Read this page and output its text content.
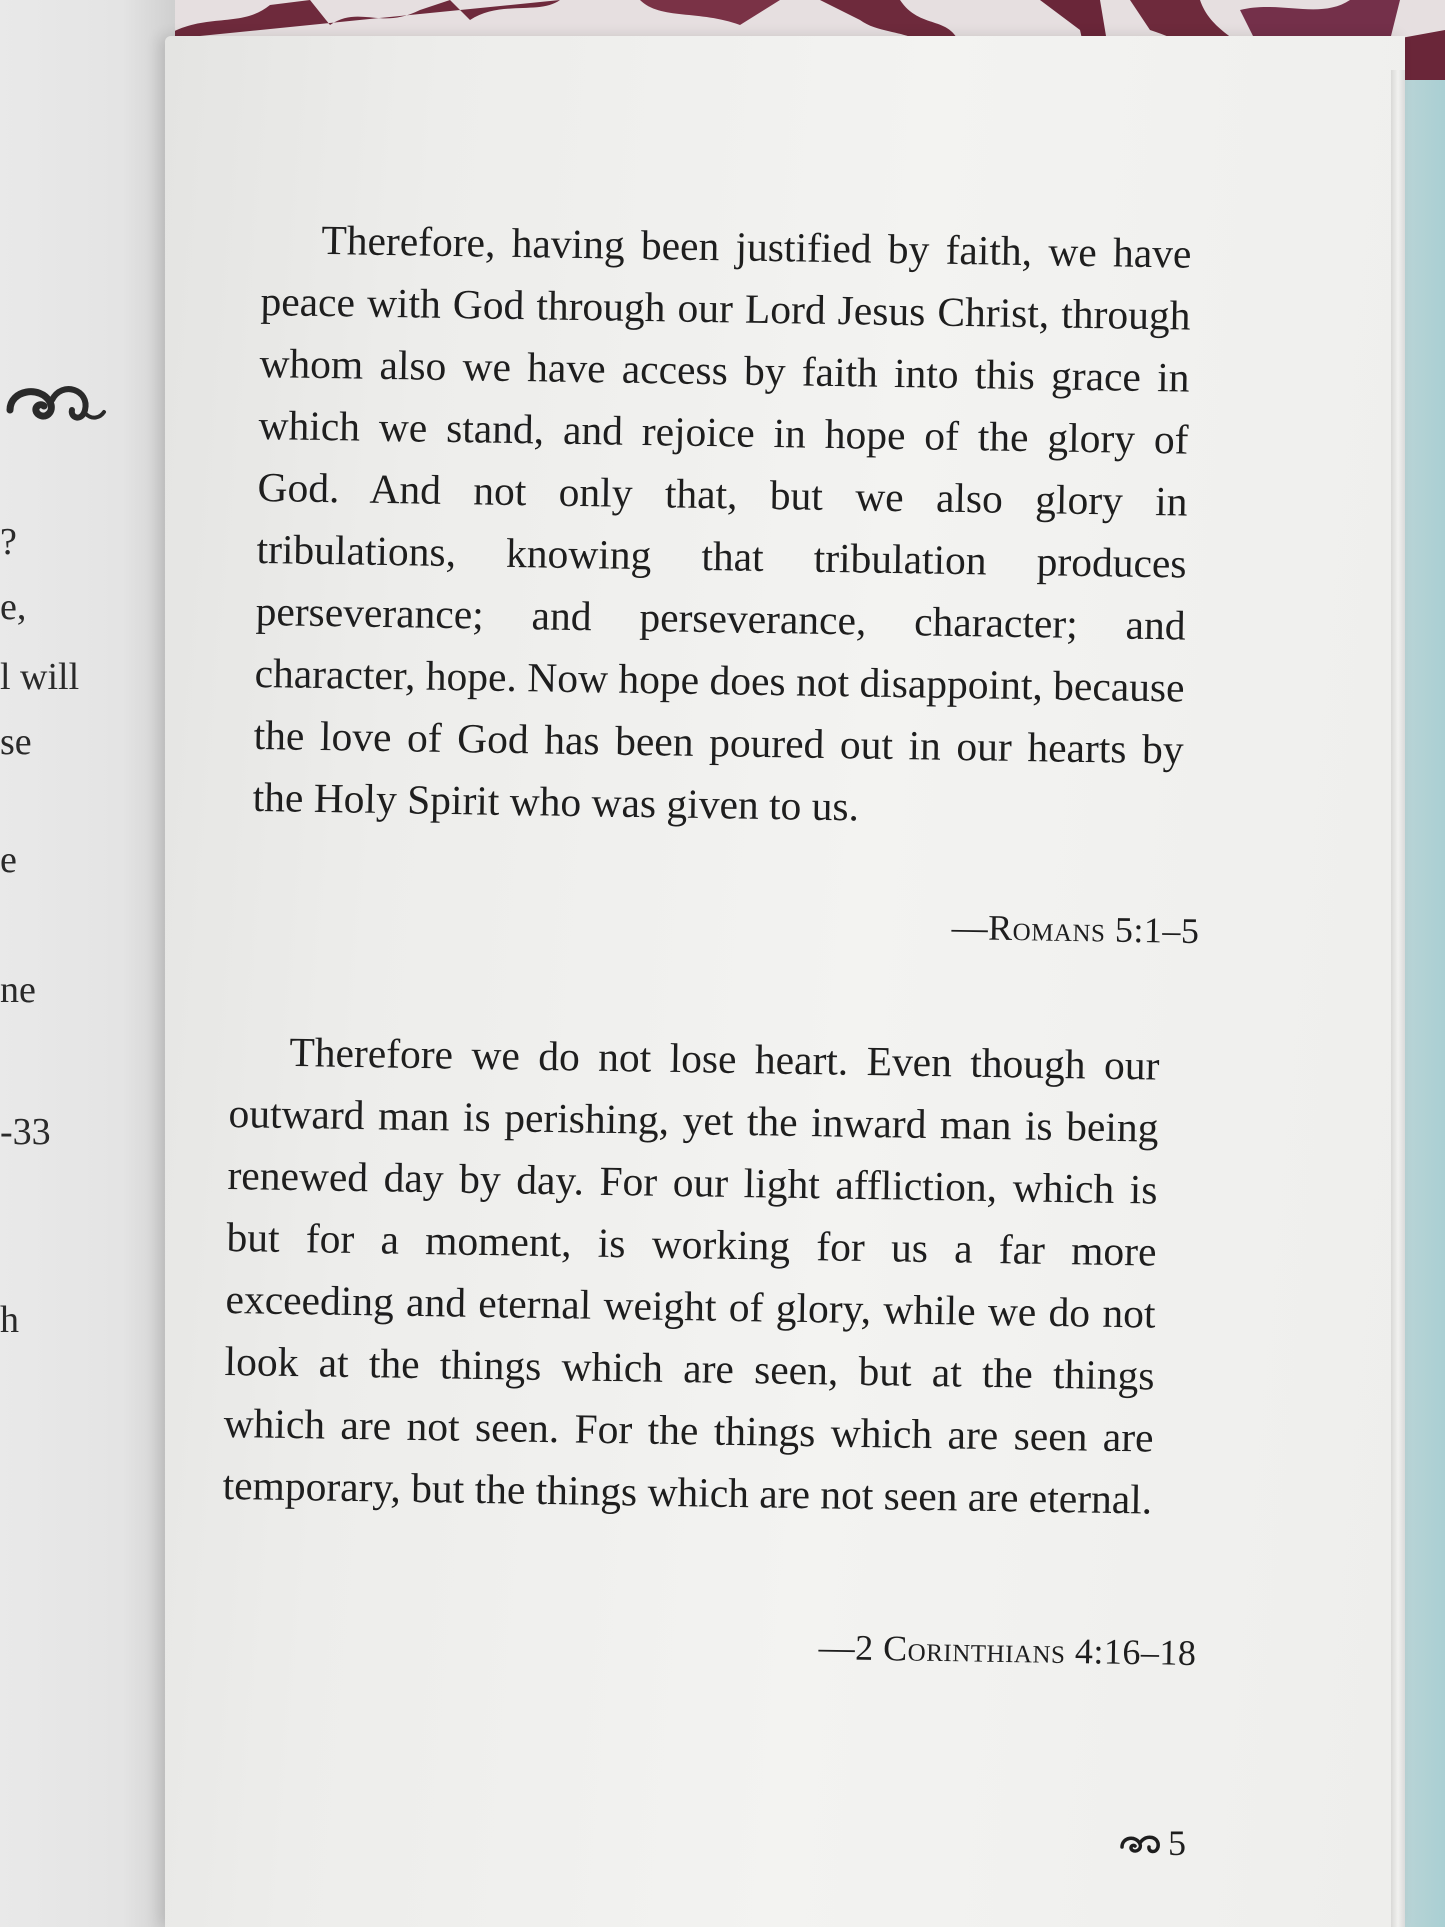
?
e,
l will
se
e
ne
-33
h

Therefore, having been justified by faith, we have peace with God through our Lord Jesus Christ, through whom also we have access by faith into this grace in which we stand, and rejoice in hope of the glory of God. And not only that, but we also glory in tribulations, knowing that tribulation produces perseverance; and perseverance, character; and character, hope. Now hope does not disappoint, because the love of God has been poured out in our hearts by the Holy Spirit who was given to us.

—Romans 5:1–5

Therefore we do not lose heart. Even though our outward man is perishing, yet the inward man is being renewed day by day. For our light affliction, which is but for a moment, is working for us a far more exceeding and eternal weight of glory, while we do not look at the things which are seen, but at the things which are not seen. For the things which are seen are temporary, but the things which are not seen are eternal.

—2 Corinthians 4:16–18
5
